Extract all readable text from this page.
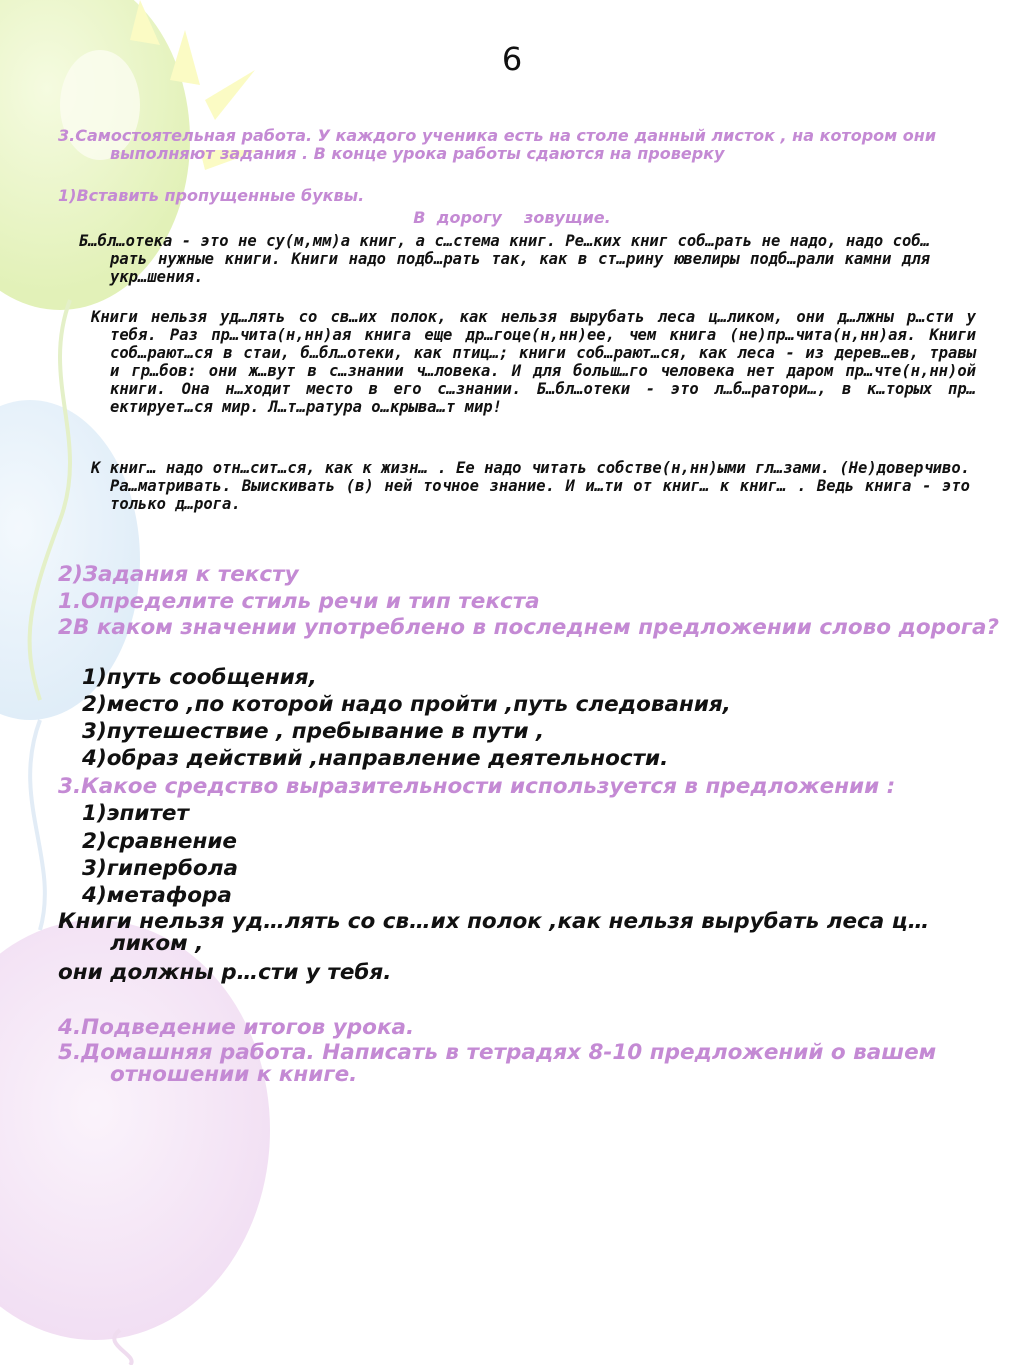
6
3.Самостоятельная работа. У каждого ученика есть на столе данный листок , на котором они выполняют задания . В конце урока работы сдаются на проверку
1)Вставить пропущенные буквы.
В  дорогу    зовущие.
Б…бл…отека - это не су(м,мм)а книг, а с…стема книг. Ре…ких книг соб…рать не надо, надо соб…рать нужные книги. Книги надо подб…рать так, как в ст…рину ювелиры подб…рали камни для укр…шения.
Книги нельзя уд…лять со св…их полок, как нельзя вырубать леса ц…ликом, они д…лжны р…сти у тебя. Раз пр…чита(н,нн)ая книга еще др…гоце(н,нн)ее, чем книга (не)пр…чита(н,нн)ая. Книги соб…рают…ся в стаи, б…бл…отеки, как птиц…; книги соб…рают…ся, как леса - из дерев…ев, травы и гр…бов: они ж…вут в с…знании ч…ловека. И для больш…го человека нет даром пр…чте(н,нн)ой книги. Она н…ходит место в его с…знании. Б…бл…отеки - это л…б…ратори…, в к…торых пр…ектирует…ся мир. Л…т…ратура о…крыва…т мир!
К книг… надо отн…сит…ся, как к жизн… . Ее надо читать собстве(н,нн)ыми гл…зами. (Не)доверчиво. Ра…матривать. Выискивать (в) ней точное знание. И и…ти от книг… к книг… . Ведь книга - это только д…рога.
2)Задания к тексту
1.Определите стиль речи и тип текста
2В каком значении употреблено в последнем предложении слово дорога?
1)путь сообщения,
2)место ,по которой надо пройти ,путь следования,
3)путешествие , пребывание в пути ,
4)образ действий ,направление деятельности.
3.Какое средство выразительности используется в предложении :
1)эпитет
2)сравнение
3)гипербола
4)метафора
Книги нельзя уд…лять со св…их полок ,как нельзя вырубать леса ц…ликом ,
они должны р…сти у тебя.
4.Подведение итогов урока.
5.Домашняя работа. Написать в тетрадях 8-10 предложений о вашем отношении к книге.
